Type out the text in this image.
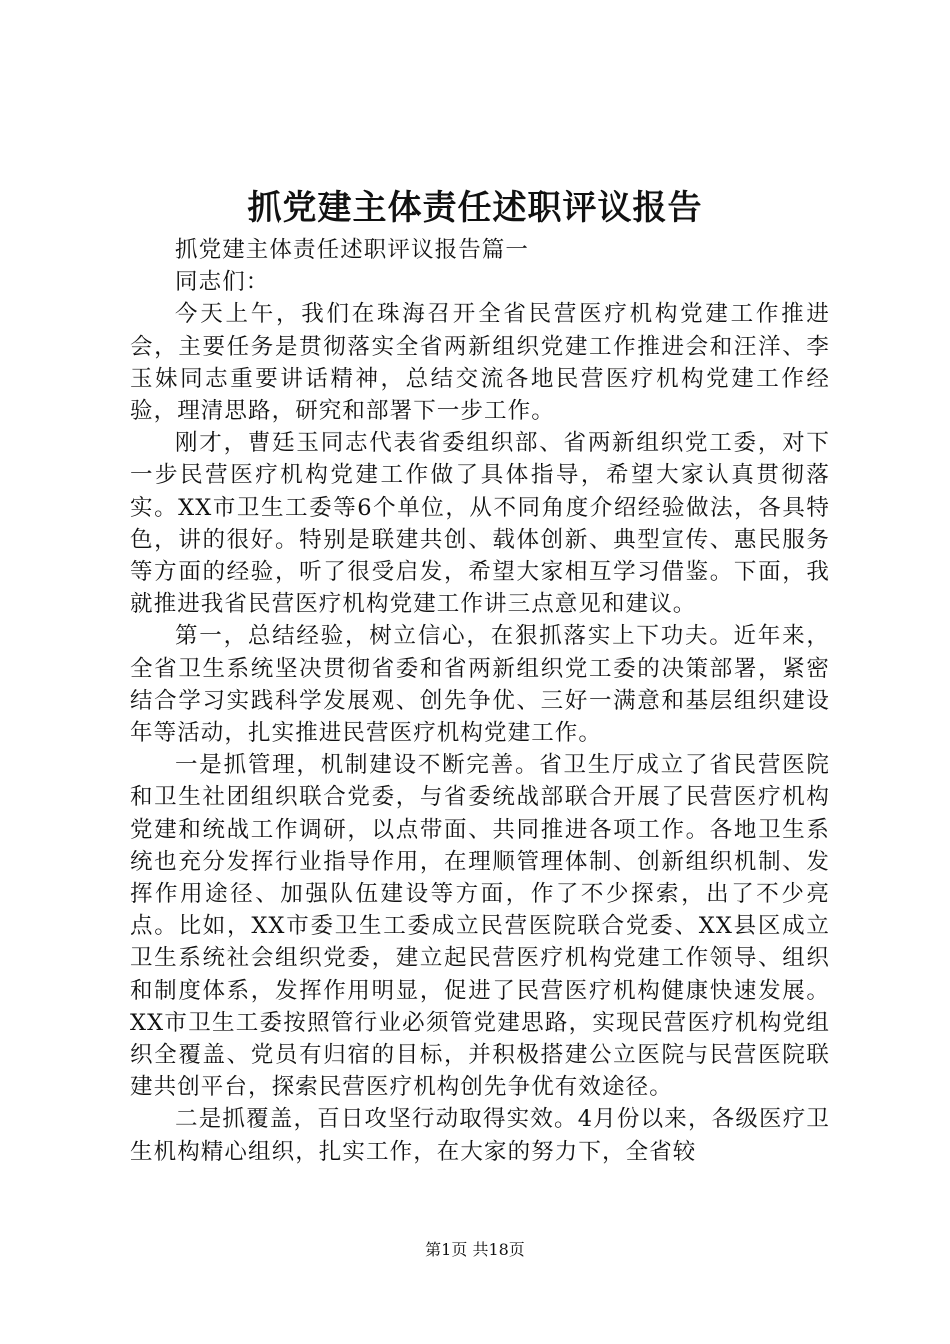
抓党建主体责任述职评议报告

抓党建主体责任述职评议报告篇一

同志们：

今天上午，我们在珠海召开全省民营医疗机构党建工作推进会，主要任务是贯彻落实全省两新组织党建工作推进会和汪洋、李玉妹同志重要讲话精神，总结交流各地民营医疗机构党建工作经验，理清思路，研究和部署下一步工作。

刚才，曹廷玉同志代表省委组织部、省两新组织党工委，对下一步民营医疗机构党建工作做了具体指导，希望大家认真贯彻落实。XX市卫生工委等6个单位，从不同角度介绍经验做法，各具特色，讲的很好。特别是联建共创、载体创新、典型宣传、惠民服务等方面的经验，听了很受启发，希望大家相互学习借鉴。下面，我就推进我省民营医疗机构党建工作讲三点意见和建议。

第一，总结经验，树立信心，在狠抓落实上下功夫。近年来，全省卫生系统坚决贯彻省委和省两新组织党工委的决策部署，紧密结合学习实践科学发展观、创先争优、三好一满意和基层组织建设年等活动，扎实推进民营医疗机构党建工作。

一是抓管理，机制建设不断完善。省卫生厅成立了省民营医院和卫生社团组织联合党委，与省委统战部联合开展了民营医疗机构党建和统战工作调研，以点带面、共同推进各项工作。各地卫生系统也充分发挥行业指导作用，在理顺管理体制、创新组织机制、发挥作用途径、加强队伍建设等方面，作了不少探索，出了不少亮点。比如，XX市委卫生工委成立民营医院联合党委、XX县区成立卫生系统社会组织党委，建立起民营医疗机构党建工作领导、组织和制度体系，发挥作用明显，促进了民营医疗机构健康快速发展。XX市卫生工委按照管行业必须管党建思路，实现民营医疗机构党组织全覆盖、党员有归宿的目标，并积极搭建公立医院与民营医院联建共创平台，探索民营医疗机构创先争优有效途径。

二是抓覆盖，百日攻坚行动取得实效。4月份以来，各级医疗卫生机构精心组织，扎实工作，在大家的努力下，全省较

第1页 共18页
